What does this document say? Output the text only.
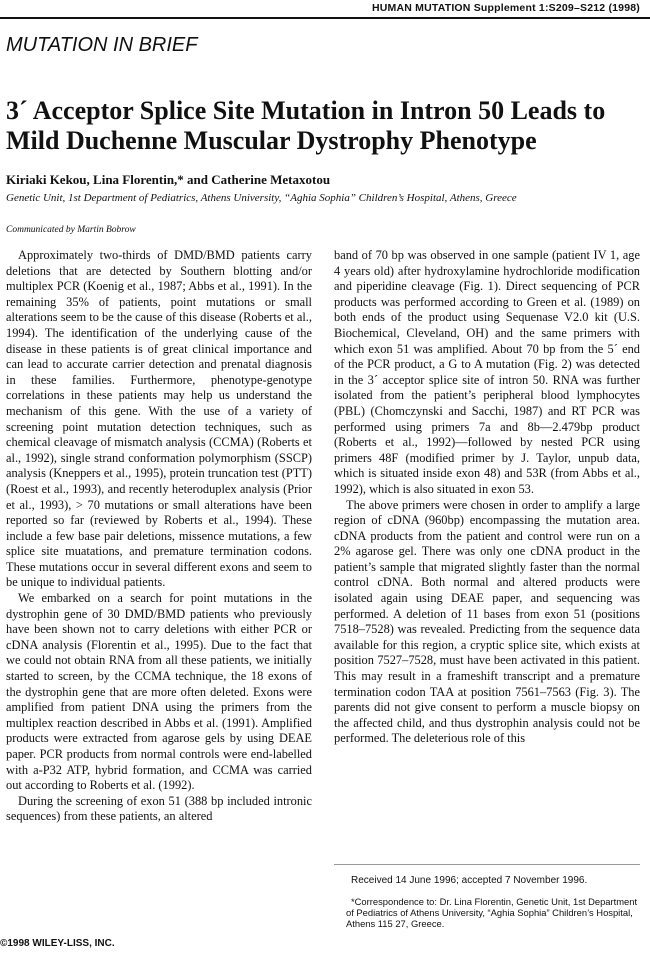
HUMAN MUTATION Supplement 1:S209–S212 (1998)
MUTATION IN BRIEF
3´ Acceptor Splice Site Mutation in Intron 50 Leads to Mild Duchenne Muscular Dystrophy Phenotype
Kiriaki Kekou, Lina Florentin,* and Catherine Metaxotou
Genetic Unit, 1st Department of Pediatrics, Athens University, “Aghia Sophia” Children’s Hospital, Athens, Greece
Communicated by Martin Bobrow

Approximately two-thirds of DMD/BMD patients carry deletions that are detected by Southern blotting and/or multiplex PCR (Koenig et al., 1987; Abbs et al., 1991). In the remaining 35% of patients, point mutations or small alterations seem to be the cause of this disease (Roberts et al., 1994). The identification of the underlying cause of the disease in these patients is of great clinical importance and can lead to accurate carrier detection and prenatal diagnosis in these families. Furthermore, phenotype-genotype correlations in these patients may help us understand the mechanism of this gene. With the use of a variety of screening point mutation detection techniques, such as chemical cleavage of mismatch analysis (CCMA) (Roberts et al., 1992), single strand conformation polymorphism (SSCP) analysis (Kneppers et al., 1995), protein truncation test (PTT) (Roest et al., 1993), and recently heteroduplex analysis (Prior et al., 1993), > 70 mutations or small alterations have been reported so far (reviewed by Roberts et al., 1994). These include a few base pair deletions, missence mutations, a few splice site muatations, and premature termination codons. These mutations occur in several different exons and seem to be unique to individual patients.

We embarked on a search for point mutations in the dystrophin gene of 30 DMD/BMD patients who previously have been shown not to carry deletions with either PCR or cDNA analysis (Florentin et al., 1995). Due to the fact that we could not obtain RNA from all these patients, we initially started to screen, by the CCMA technique, the 18 exons of the dystrophin gene that are more often deleted. Exons were amplified from patient DNA using the primers from the multiplex reaction described in Abbs et al. (1991). Amplified products were extracted from agarose gels by using DEAE paper. PCR products from normal controls were end-labelled with a-P32 ATP, hybrid formation, and CCMA was carried out according to Roberts et al. (1992).

During the screening of exon 51 (388 bp included intronic sequences) from these patients, an altered

band of 70 bp was observed in one sample (patient IV 1, age 4 years old) after hydroxylamine hydrochloride modification and piperidine cleavage (Fig. 1). Direct sequencing of PCR products was performed according to Green et al. (1989) on both ends of the product using Sequenase V2.0 kit (U.S. Biochemical, Cleveland, OH) and the same primers with which exon 51 was amplified. About 70 bp from the 5´ end of the PCR product, a G to A mutation (Fig. 2) was detected in the 3´ acceptor splice site of intron 50. RNA was further isolated from the patient’s peripheral blood lymphocytes (PBL) (Chomczynski and Sacchi, 1987) and RT PCR was performed using primers 7a and 8b—2.479bp product (Roberts et al., 1992)—followed by nested PCR using primers 48F (modified primer by J. Taylor, unpub data, which is situated inside exon 48) and 53R (from Abbs et al., 1992), which is also situated in exon 53.

The above primers were chosen in order to amplify a large region of cDNA (960bp) encompassing the mutation area. cDNA products from the patient and control were run on a 2% agarose gel. There was only one cDNA product in the patient’s sample that migrated slightly faster than the normal control cDNA. Both normal and altered products were isolated again using DEAE paper, and sequencing was performed. A deletion of 11 bases from exon 51 (positions 7518–7528) was revealed. Predicting from the sequence data available for this region, a cryptic splice site, which exists at position 7527–7528, must have been activated in this patient. This may result in a frameshift transcript and a premature termination codon TAA at position 7561–7563 (Fig. 3). The parents did not give consent to perform a muscle biopsy on the affected child, and thus dystrophin analysis could not be performed. The deleterious role of this

Received 14 June 1996; accepted 7 November 1996.
*Correspondence to: Dr. Lina Florentin, Genetic Unit, 1st Department of Pediatrics of Athens University, “Aghia Sophia” Children’s Hospital, Athens 115 27, Greece.
©1998 WILEY-LISS, INC.
